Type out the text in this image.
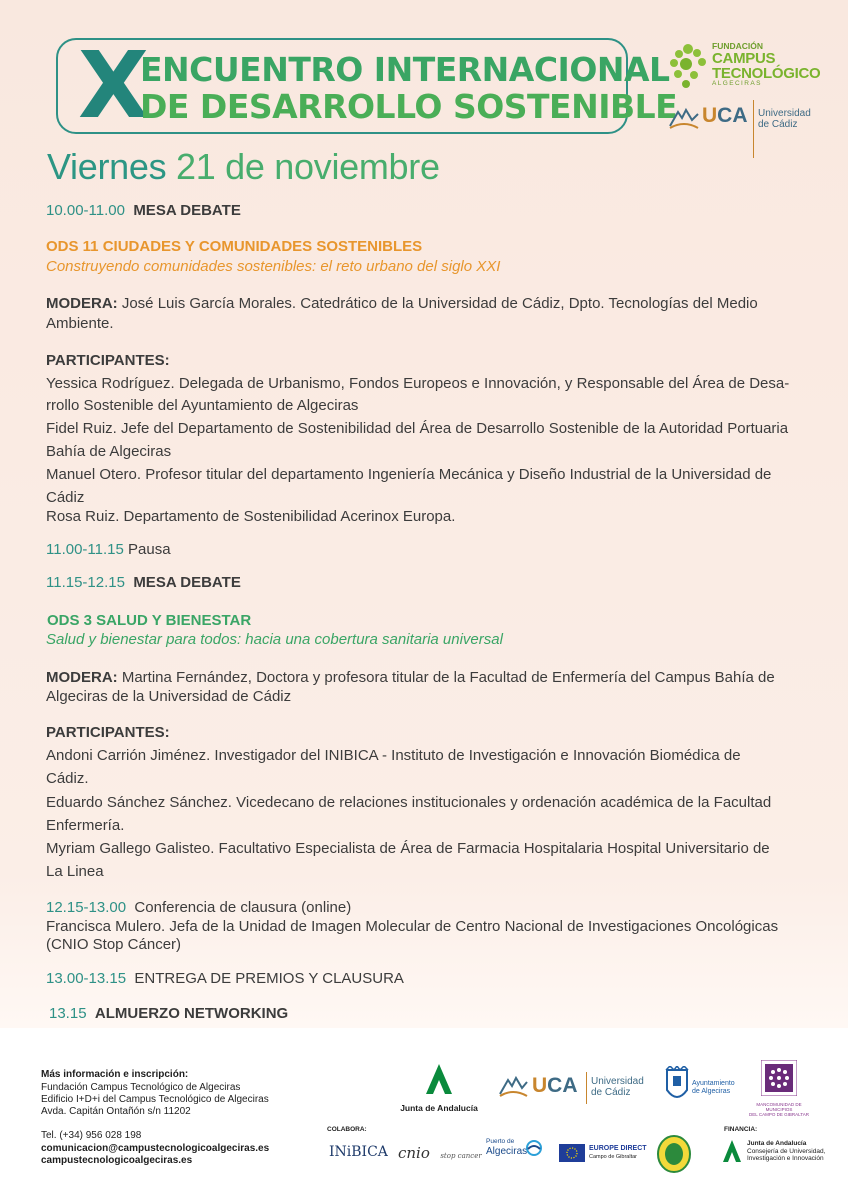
X
ENCUENTRO INTERNACIONAL
DE DESARROLLO SOSTENIBLE
FUNDACIÓN
CAMPUS
TECNOLÓGICO
ALGECIRAS
UCA Universidad
de Cádiz
Viernes 21 de noviembre
10.00-11.00 MESA DEBATE
ODS 11 CIUDADES Y COMUNIDADES SOSTENIBLES
Construyendo comunidades sostenibles: el reto urbano del siglo XXI
MODERA: José Luis García Morales. Catedrático de la Universidad de Cádiz, Dpto. Tecnologías del Medio
Ambiente.
PARTICIPANTES:
Yessica Rodríguez. Delegada de Urbanismo, Fondos Europeos e Innovación, y Responsable del Área de Desa-
rrollo Sostenible del Ayuntamiento de Algeciras
Fidel Ruiz. Jefe del Departamento de Sostenibilidad del Área de Desarrollo Sostenible de la Autoridad Portuaria
Bahía de Algeciras
Manuel Otero. Profesor titular del departamento Ingeniería Mecánica y Diseño Industrial de la Universidad de
Cádiz
Rosa Ruiz. Departamento de Sostenibilidad Acerinox Europa.
11.00-11.15 Pausa
11.15-12.15 MESA DEBATE
ODS 3 SALUD Y BIENESTAR
Salud y bienestar para todos: hacia una cobertura sanitaria universal
MODERA: Martina Fernández, Doctora y profesora titular de la Facultad de Enfermería del Campus Bahía de
Algeciras de la Universidad de Cádiz
PARTICIPANTES:
Andoni Carrión Jiménez. Investigador del INIBICA - Instituto de Investigación e Innovación Biomédica de
Cádiz.
Eduardo Sánchez Sánchez. Vicedecano de relaciones institucionales y ordenación académica de la Facultad
Enfermería.
Myriam Gallego Galisteo. Facultativo Especialista de Área de Farmacia Hospitalaria Hospital Universitario de
La Linea
12.15-13.00 Conferencia de clausura (online)
Francisca Mulero. Jefa de la Unidad de Imagen Molecular de Centro Nacional de Investigaciones Oncológicas
(CNIO Stop Cáncer)
13.00-13.15 ENTREGA DE PREMIOS Y CLAUSURA
13.15 ALMUERZO NETWORKING
Más información e inscripción:
Fundación Campus Tecnológico de Algeciras
Edificio I+D+i del Campus Tecnológico de Algeciras
Avda. Capitán Ontañón s/n 11202
Tel. (+34) 956 028 198
comunicacion@campustecnologicoalgeciras.es
campustecnologicoalgeciras.es
Junta de Andalucía
UCA Universidad
de Cádiz
Ayuntamiento
de Algeciras
MANCOMUNIDAD DE MUNICIPIOS
DEL CAMPO DE GIBRALTAR
COLABORA:	FINANCIA:
INiBICA cnio stop cancer
Puerto de
Algeciras	EUROPE DIRECT
Campo de Gibraltar
Junta de Andalucía
Consejería de Universidad,
Investigación e Innovación
